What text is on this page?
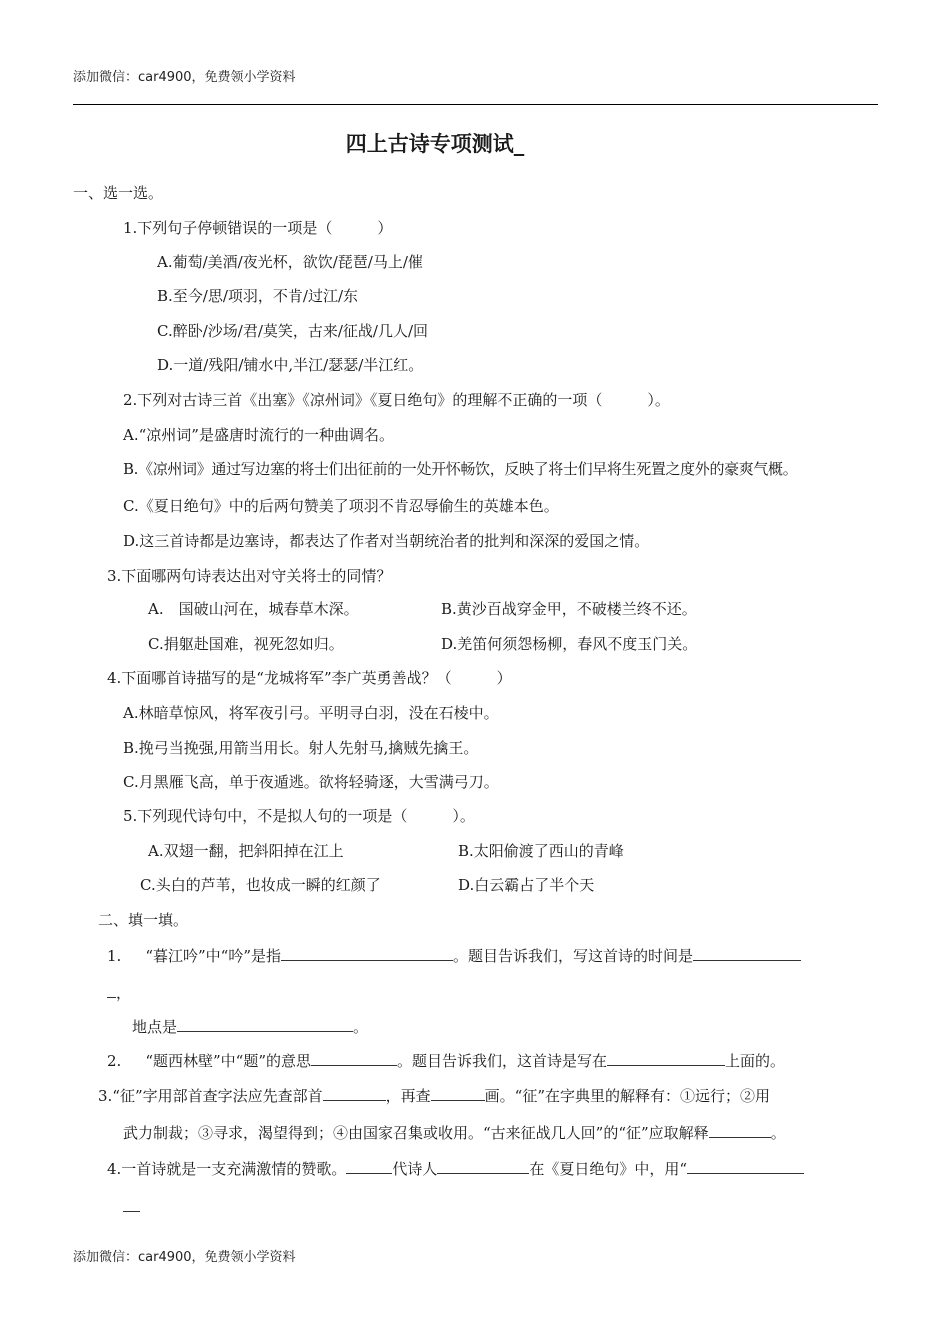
添加微信：car4900，免费领小学资料
四上古诗专项测试_
一、选一选。
1.下列句子停顿错误的一项是（　　　）
A.葡萄/美酒/夜光杯，欲饮/琵琶/马上/催
B.至今/思/项羽，不肯/过江/东
C.醉卧/沙场/君/莫笑，古来/征战/几人/回
D.一道/残阳/铺水中,半江/瑟瑟/半江红。
2.下列对古诗三首《出塞》《凉州词》《夏日绝句》的理解不正确的一项（　　　）。
A.“凉州词”是盛唐时流行的一种曲调名。
B.《凉州词》通过写边塞的将士们出征前的一处开怀畅饮，反映了将士们早将生死置之度外的豪爽气概。
C.《夏日绝句》中的后两句赞美了项羽不肯忍辱偷生的英雄本色。
D.这三首诗都是边塞诗，都表达了作者对当朝统治者的批判和深深的爱国之情。
3.下面哪两句诗表达出对守关将士的同情？
A.　国破山河在，城春草木深。	B.黄沙百战穿金甲，不破楼兰终不还。
C.捐躯赴国难，视死忽如归。	D.羌笛何须怨杨柳，春风不度玉门关。
4.下面哪首诗描写的是“龙城将军”李广英勇善战？（　　　）
A.林暗草惊风，将军夜引弓。平明寻白羽，没在石棱中。
B.挽弓当挽强,用箭当用长。射人先射马,擒贼先擒王。
C.月黑雁飞高，单于夜遁逃。欲将轻骑逐，大雪满弓刀。
5.下列现代诗句中，不是拟人句的一项是（　　　）。
A.双翅一翻，把斜阳掉在江上	B.太阳偷渡了西山的青峰
C.头白的芦苇，也妆成一瞬的红颜了	D.白云霸占了半个天
二、填一填。
1. “暮江吟”中“吟”是指	。题目告诉我们，写这首诗的时间是
，
地点是	。
2. “题西林壁”中“题”的意思	。题目告诉我们，这首诗是写在	上面的。
3.“征”字用部首查字法应先查部首	，再查	画。“征”在字典里的解释有：①远行；②用
武力制裁；③寻求，渴望得到；④由国家召集或收用。“古来征战几人回”的“征”应取解释	。
4.一首诗就是一支充满激情的赞歌。	代诗人	在《夏日绝句》中，用“
添加微信：car4900，免费领小学资料
